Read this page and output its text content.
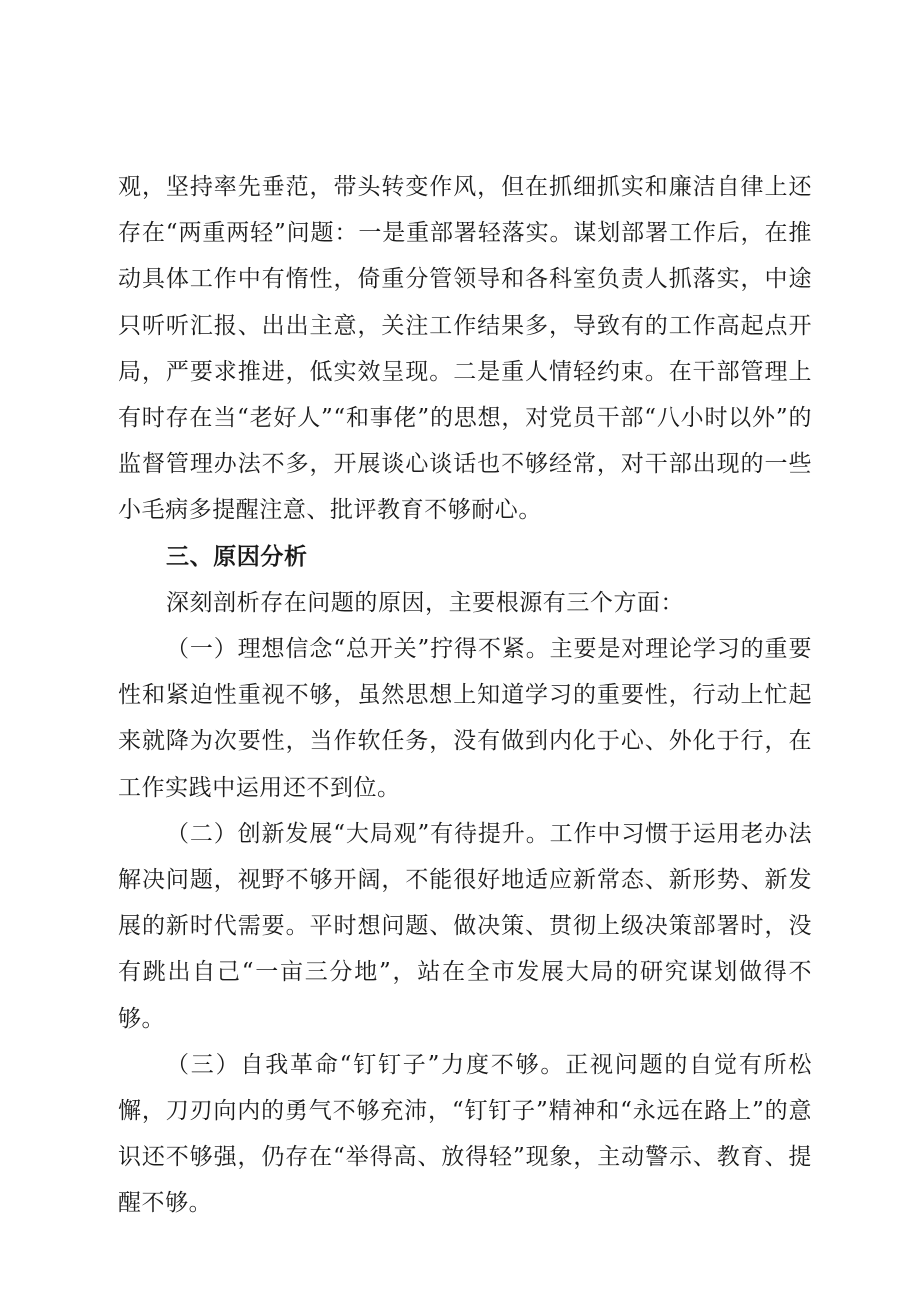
观，坚持率先垂范，带头转变作风，但在抓细抓实和廉洁自律上还存在“两重两轻”问题：一是重部署轻落实。谋划部署工作后，在推动具体工作中有惰性，倚重分管领导和各科室负责人抓落实，中途只听听汇报、出出主意，关注工作结果多，导致有的工作高起点开局，严要求推进，低实效呈现。二是重人情轻约束。在干部管理上有时存在当“老好人”“和事佬”的思想，对党员干部“八小时以外”的监督管理办法不多，开展谈心谈话也不够经常，对干部出现的一些小毛病多提醒注意、批评教育不够耐心。

三、原因分析

深刻剖析存在问题的原因，主要根源有三个方面：

（一）理想信念“总开关”拧得不紧。主要是对理论学习的重要性和紧迫性重视不够，虽然思想上知道学习的重要性，行动上忙起来就降为次要性，当作软任务，没有做到内化于心、外化于行，在工作实践中运用还不到位。

（二）创新发展“大局观”有待提升。工作中习惯于运用老办法解决问题，视野不够开阔，不能很好地适应新常态、新形势、新发展的新时代需要。平时想问题、做决策、贯彻上级决策部署时，没有跳出自己“一亩三分地”，站在全市发展大局的研究谋划做得不够。

（三）自我革命“钉钉子”力度不够。正视问题的自觉有所松懈，刀刃向内的勇气不够充沛，“钉钉子”精神和“永远在路上”的意识还不够强，仍存在“举得高、放得轻”现象，主动警示、教育、提醒不够。
